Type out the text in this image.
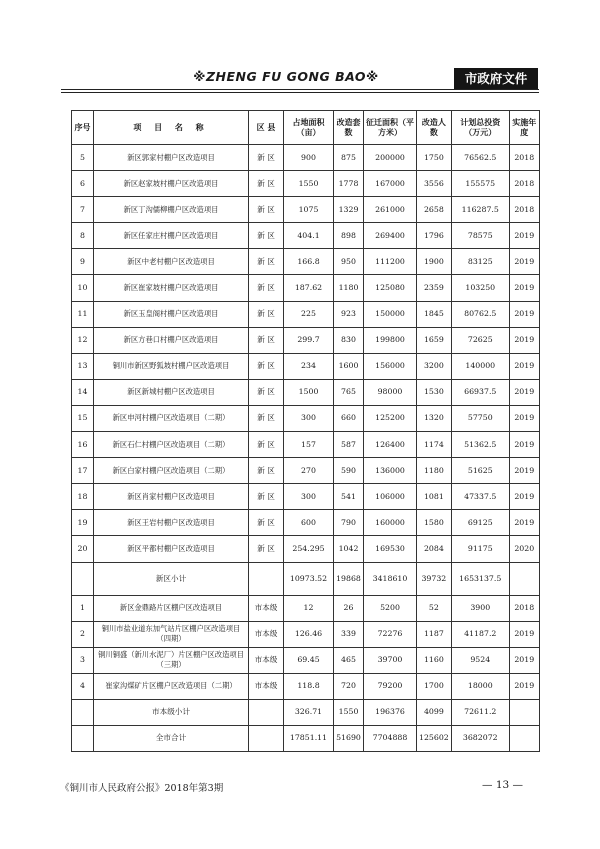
※ZHENG FU GONG BAO※	市政府文件
序号	项 目 名 称	区 县	占地面积（亩）	改造套数	征迁面积（平方米）	改造人数	计划总投资（万元）	实施年度
5	新区郭家村棚户区改造项目	新 区	900	875	200000	1750	76562.5	2018
6	新区赵家坡村棚户区改造项目	新 区	1550	1778	167000	3556	155575	2018
7	新区丁沟儒柳棚户区改造项目	新 区	1075	1329	261000	2658	116287.5	2018
8	新区任家庄村棚户区改造项目	新 区	404.1	898	269400	1796	78575	2019
9	新区中老村棚户区改造项目	新 区	166.8	950	111200	1900	83125	2019
10	新区崔家坡村棚户区改造项目	新 区	187.62	1180	125080	2359	103250	2019
11	新区玉皇阁村棚户区改造项目	新 区	225	923	150000	1845	80762.5	2019
12	新区方巷口村棚户区改造项目	新 区	299.7	830	199800	1659	72625	2019
13	铜川市新区野狐坡村棚户区改造项目	新 区	234	1600	156000	3200	140000	2019
14	新区新城村棚户区改造项目	新 区	1500	765	98000	1530	66937.5	2019
15	新区申河村棚户区改造项目（二期）	新 区	300	660	125200	1320	57750	2019
16	新区石仁村棚户区改造项目（二期）	新 区	157	587	126400	1174	51362.5	2019
17	新区白家村棚户区改造项目（二期）	新 区	270	590	136000	1180	51625	2019
18	新区肖家村棚户区改造项目	新 区	300	541	106000	1081	47337.5	2019
19	新区王岩村棚户区改造项目	新 区	600	790	160000	1580	69125	2019
20	新区平都村棚户区改造项目	新 区	254.295	1042	169530	2084	91175	2020
	新区小计		10973.52	19868	3418610	39732	1653137.5	
1	新区金鼎路片区棚户区改造项目	市本级	12	26	5200	52	3900	2018
2	铜川市盐业道东加气站片区棚户区改造项目（四期）	市本级	126.46	339	72276	1187	41187.2	2019
3	铜川铜盛（新川水泥厂）片区棚户区改造项目（三期）	市本级	69.45	465	39700	1160	9524	2019
4	崔家沟煤矿片区棚户区改造项目（二期）	市本级	118.8	720	79200	1700	18000	2019
	市本级小计		326.71	1550	196376	4099	72611.2	
	全市合计		17851.11	51690	7704888	125602	3682072	
《铜川市人民政府公报》2018年第3期	— 13 —
